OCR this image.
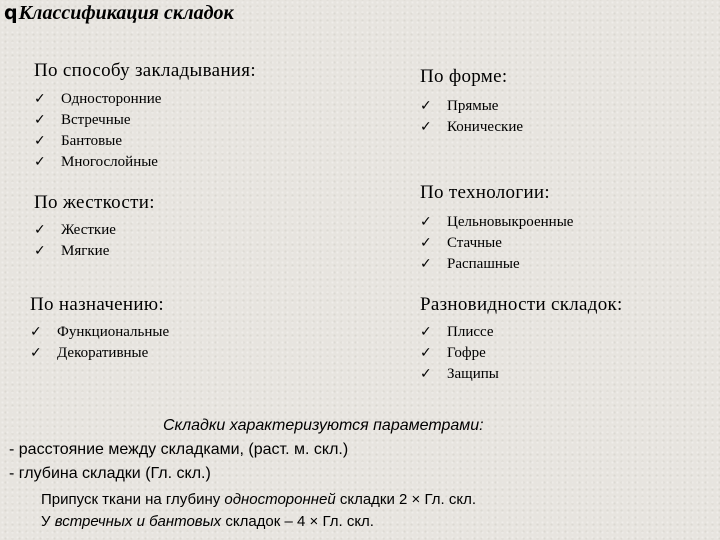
q Классификация складок
По способу закладывания:
✓	Односторонние
✓	Встречные
✓	Бантовые
✓	Многослойные
По форме:
✓	Прямые
✓	Конические
По жесткости:
✓	Жесткие
✓	Мягкие
По технологии:
✓	Цельновыкроенные
✓	Стачные
✓	Распашные
По назначению:
✓	Функциональные
✓	Декоративные
Разновидности складок:
✓	Плиссе
✓	Гофре
✓	Защипы
Складки характеризуются параметрами:
- расстояние между складками, (раст. м. скл.)
- глубина складки (Гл. скл.)
Припуск ткани на глубину односторонней складки 2 × Гл. скл.
У встречных и бантовых складок – 4 × Гл. скл.
